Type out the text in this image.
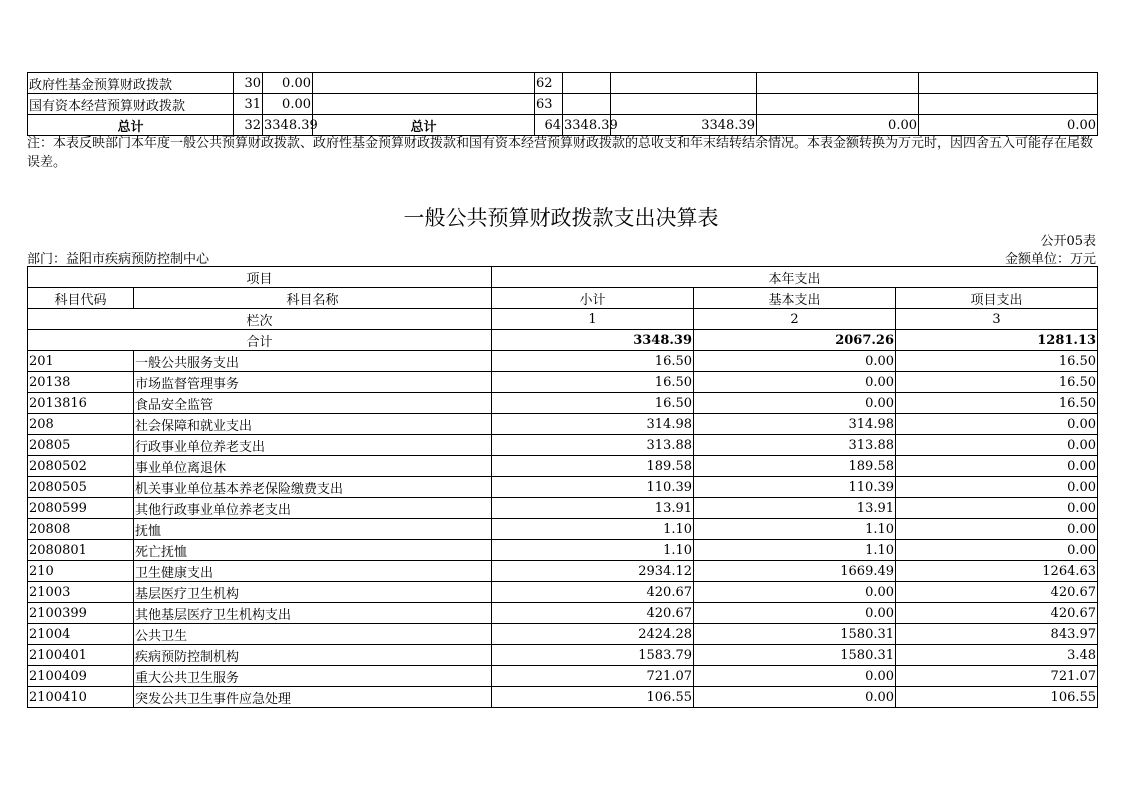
政府性基金预算财政拨款	30	0.00		62				
国有资本经营预算财政拨款	31	0.00		63				
总计	32	3348.39	总计	64	3348.39	3348.39	0.00	0.00
注：本表反映部门本年度一般公共预算财政拨款、政府性基金预算财政拨款和国有资本经营预算财政拨款的总收支和年末结转结余情况。本表金额转换为万元时，因四舍五入可能存在尾数误差。
一般公共预算财政拨款支出决算表
公开05表
部门：益阳市疾病预防控制中心	金额单位：万元
项目		本年支出		
科目代码	科目名称	小计	基本支出	项目支出
栏次		1	2	3
合计		3348.39	2067.26	1281.13
201	一般公共服务支出	16.50	0.00	16.50
20138	市场监督管理事务	16.50	0.00	16.50
2013816	食品安全监管	16.50	0.00	16.50
208	社会保障和就业支出	314.98	314.98	0.00
20805	行政事业单位养老支出	313.88	313.88	0.00
2080502	事业单位离退休	189.58	189.58	0.00
2080505	机关事业单位基本养老保险缴费支出	110.39	110.39	0.00
2080599	其他行政事业单位养老支出	13.91	13.91	0.00
20808	抚恤	1.10	1.10	0.00
2080801	死亡抚恤	1.10	1.10	0.00
210	卫生健康支出	2934.12	1669.49	1264.63
21003	基层医疗卫生机构	420.67	0.00	420.67
2100399	其他基层医疗卫生机构支出	420.67	0.00	420.67
21004	公共卫生	2424.28	1580.31	843.97
2100401	疾病预防控制机构	1583.79	1580.31	3.48
2100409	重大公共卫生服务	721.07	0.00	721.07
2100410	突发公共卫生事件应急处理	106.55	0.00	106.55
